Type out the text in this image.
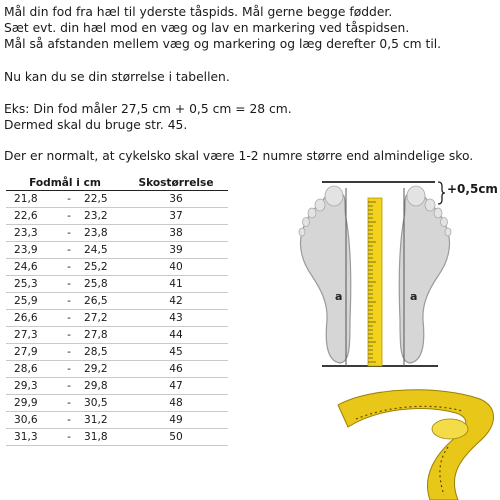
Mål din fod fra hæl til yderste tåspids. Mål gerne begge fødder.
Sæt evt. din hæl mod en væg og lav en markering ved tåspidsen.
Mål så afstanden mellem væg og markering og læg derefter 0,5 cm til.
Nu kan du se din størrelse i tabellen.
Eks: Din fod måler 27,5 cm + 0,5 cm = 28 cm.
Dermed skal du bruge str. 45.
Der er normalt, at cykelsko skal være 1-2 numre større end almindelige sko.
Fodmål i cm			Skostørrelse
21,8	-	22,5	36
22,6	-	23,2	37
23,3	-	23,8	38
23,9	-	24,5	39
24,6	-	25,2	40
25,3	-	25,8	41
25,9	-	26,5	42
26,6	-	27,2	43
27,3	-	27,8	44
27,9	-	28,5	45
28,6	-	29,2	46
29,3	-	29,8	47
29,9	-	30,5	48
30,6	-	31,2	49
31,3	-	31,8	50
a	a
+0,5cm
